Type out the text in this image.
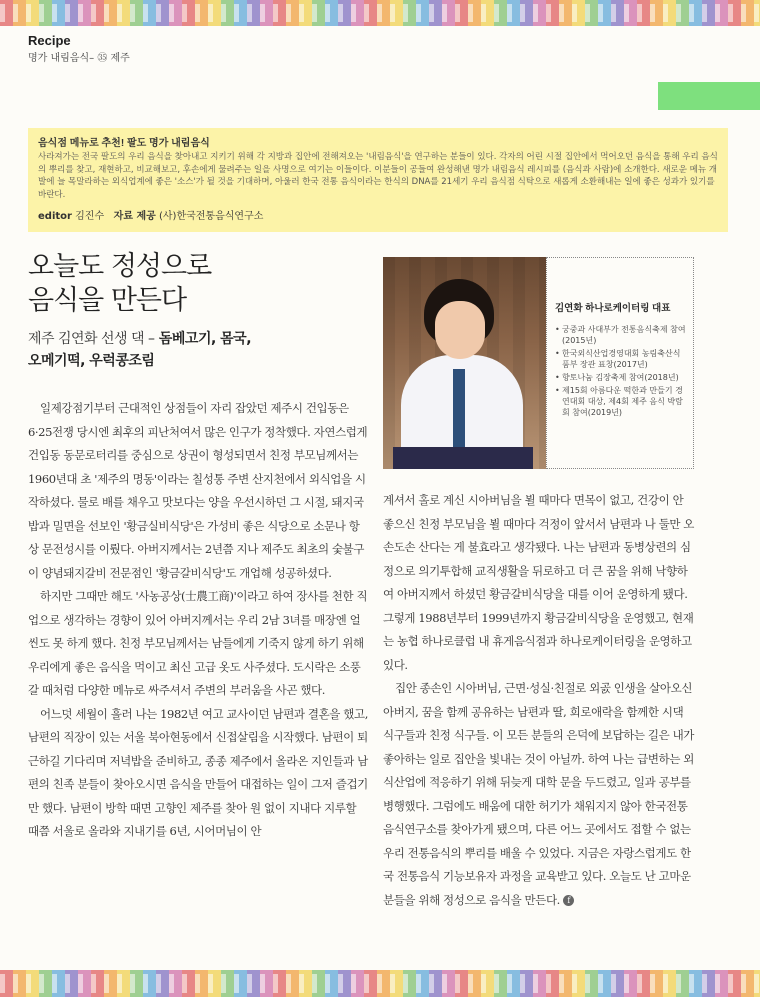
Recipe
명가 내림음식– ㉟ 제주
음식점 메뉴로 추천! 팔도 명가 내림음식
사라져가는 전국 팔도의 우리 음식을 찾아내고 지키기 위해 각 지방과 집안에 전해져오는 '내림음식'을 연구하는 분들이 있다. 각자의 어린 시절 집안에서 먹어오던 음식을 통해 우리 음식의 뿌리를 찾고, 재현하고, 비교해보고, 후손에게 물려주는 일을 사명으로 여기는 이들이다. 이분들이 공들여 완성해낸 명가 내림음식 레시피를 (음식과 사람)에 소개한다. 새로운 메뉴 개발에 늘 목말라하는 외식업계에 좋은 '소스'가 될 것을 기대하며, 아울러 한국 전통 음식이라는 한식의 DNA를 21세기 우리 음식점 식탁으로 새롭게 소환해내는 일에 좋은 성과가 있기를 바란다.
editor 김진수 자료 제공 (사)한국전통음식연구소
오늘도 정성으로
음식을 만든다
제주 김연화 선생 댁 – 돔베고기, 몸국,
오메기떡, 우럭콩조림
김연화 하나로케이터링 대표
• 궁중과 사대부가 전통음식축제 참여(2015년)
• 한국외식산업경영대회 농림축산식품부 장관 표창(2017년)
• 향토나눔 김장축제 참여(2018년)
• 제15회 아름다운 떡한과 만들기 경연대회 대상, 제4회 제주 음식 박람회 참여(2019년)

일제강점기부터 근대적인 상점들이 자리 잡았던 제주시 건입동은 6·25전쟁 당시엔 최후의 피난처여서 많은 인구가 정착했다. 자연스럽게 건입동 동문로터리를 중심으로 상권이 형성되면서 친정 부모님께서는 1960년대 초 '제주의 명동'이라는 칠성통 주변 산지천에서 외식업을 시작하셨다. 물로 배를 채우고 맛보다는 양을 우선시하던 그 시절, 돼지국밥과 밀면을 선보인 '황금실비식당'은 가성비 좋은 식당으로 소문나 항상 문전성시를 이뤘다. 아버지께서는 2년쯤 지나 제주도 최초의 숯불구이 양념돼지갈비 전문점인 '황금갈비식당'도 개업해 성공하셨다.

하지만 그때만 해도 '사농공상(士農工商)'이라고 하여 장사를 천한 직업으로 생각하는 경향이 있어 아버지께서는 우리 2남 3녀를 매장엔 얼씬도 못 하게 했다. 친정 부모님께서는 남들에게 기죽지 않게 하기 위해 우리에게 좋은 음식을 먹이고 최신 고급 옷도 사주셨다. 도시락은 소풍 갈 때처럼 다양한 메뉴로 싸주셔서 주변의 부러움을 사곤 했다.

어느덧 세월이 흘러 나는 1982년 여고 교사이던 남편과 결혼을 했고, 남편의 직장이 있는 서울 북아현동에서 신접살림을 시작했다. 남편이 퇴근하길 기다리며 저녁밥을 준비하고, 종종 제주에서 올라온 지인들과 남편의 친족 분들이 찾아오시면 음식을 만들어 대접하는 일이 그저 즐겁기만 했다. 남편이 방학 때면 고향인 제주를 찾아 원 없이 지내다 지루할 때쯤 서울로 올라와 지내기를 6년, 시어머님이 안

계셔서 홀로 계신 시아버님을 뵐 때마다 면목이 없고, 건강이 안 좋으신 친정 부모님을 뵐 때마다 걱정이 앞서서 남편과 나 둘만 오손도손 산다는 게 불효라고 생각됐다. 나는 남편과 동병상련의 심정으로 의기투합해 교직생활을 뒤로하고 더 큰 꿈을 위해 낙향하여 아버지께서 하셨던 황금갈비식당을 대를 이어 운영하게 됐다. 그렇게 1988년부터 1999년까지 황금갈비식당을 운영했고, 현재는 농협 하나로클럽 내 휴게음식점과 하나로케이터링을 운영하고 있다.

집안 종손인 시아버님, 근면·성실·친절로 외곬 인생을 살아오신 아버지, 꿈을 함께 공유하는 남편과 딸, 희로애락을 함께한 시댁 식구들과 친정 식구들. 이 모든 분들의 은덕에 보답하는 길은 내가 좋아하는 일로 집안을 빛내는 것이 아닐까. 하여 나는 급변하는 외식산업에 적응하기 위해 뒤늦게 대학 문을 두드렸고, 일과 공부를 병행했다. 그럼에도 배움에 대한 허기가 채워지지 않아 한국전통음식연구소를 찾아가게 됐으며, 다른 어느 곳에서도 접할 수 없는 우리 전통음식의 뿌리를 배울 수 있었다. 지금은 자랑스럽게도 한국 전통음식 기능보유자 과정을 교육받고 있다. 오늘도 난 고마운 분들을 위해 정성으로 음식을 만든다. f
